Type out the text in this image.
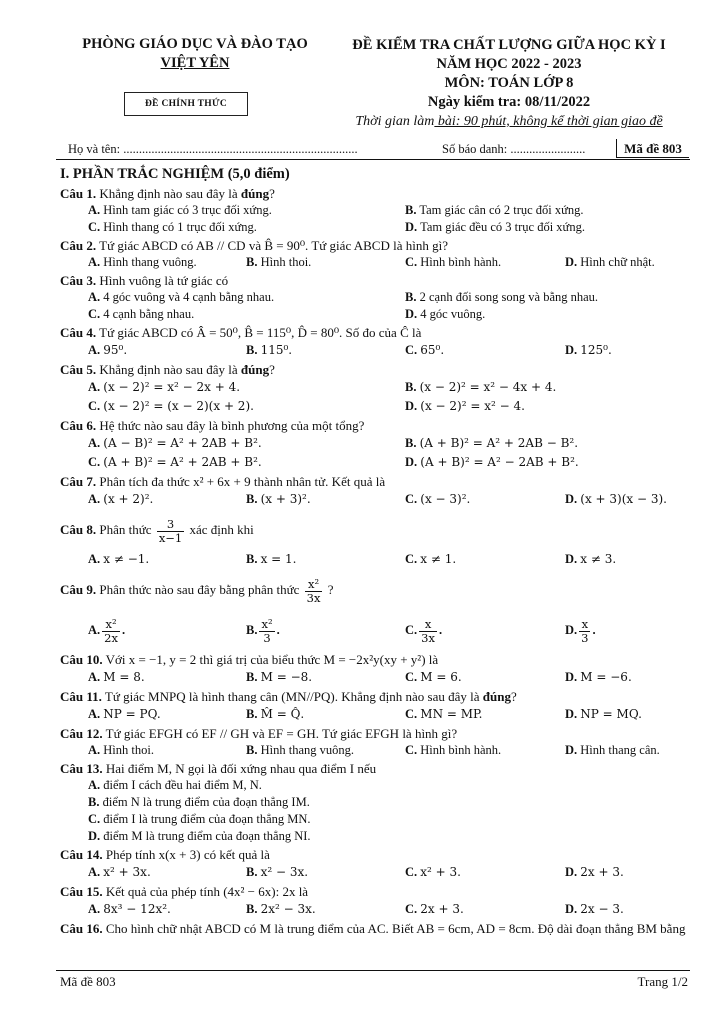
PHÒNG GIÁO DỤC VÀ ĐÀO TẠO
VIỆT YÊN
ĐỀ CHÍNH THỨC
ĐỀ KIỂM TRA CHẤT LƯỢNG GIỮA HỌC KỲ I
NĂM HỌC 2022 - 2023
MÔN: TOÁN LỚP 8
Ngày kiểm tra: 08/11/2022
Thời gian làm bài: 90 phút, không kể thời gian giao đề
Họ và tên: ...........................................................................	Số báo danh: ........................	Mã đề 803
I. PHẦN TRẮC NGHIỆM (5,0 điểm)
Câu 1. Khẳng định nào sau đây là đúng?
A. Hình tam giác có 3 trục đối xứng.	B. Tam giác cân có 2 trục đối xứng.
C. Hình thang có 1 trục đối xứng.	D. Tam giác đều có 3 trục đối xứng.
Câu 2. Tứ giác ABCD có AB // CD và B̂ = 90⁰. Tứ giác ABCD là hình gì?
A. Hình thang vuông.	B. Hình thoi.	C. Hình bình hành.	D. Hình chữ nhật.
Câu 3. Hình vuông là tứ giác có
A. 4 góc vuông và 4 cạnh bằng nhau.	B. 2 cạnh đối song song và bằng nhau.
C. 4 cạnh bằng nhau.	D. 4 góc vuông.
Câu 4. Tứ giác ABCD có Â = 50⁰, B̂ = 115⁰, D̂ = 80⁰. Số đo của Ĉ là
A. 95⁰.	B. 115⁰.	C. 65⁰.	D. 125⁰.
Câu 5. Khẳng định nào sau đây là đúng?
A. (x − 2)² = x² − 2x + 4.	B. (x − 2)² = x² − 4x + 4.
C. (x − 2)² = (x − 2)(x + 2).	D. (x − 2)² = x² − 4.
Câu 6. Hệ thức nào sau đây là bình phương của một tổng?
A. (A − B)² = A² + 2AB + B².	B. (A + B)² = A² + 2AB − B².
C. (A + B)² = A² + 2AB + B².	D. (A + B)² = A² − 2AB + B².
Câu 7. Phân tích đa thức x² + 6x + 9 thành nhân tử. Kết quả là
A. (x + 2)².	B. (x + 3)².	C. (x − 3)².	D. (x + 3)(x − 3).
Câu 8. Phân thức $\frac{3}{x-1}$ xác định khi
A. x ≠ −1.	B. x = 1.	C. x ≠ 1.	D. x ≠ 3.
Câu 9. Phân thức nào sau đây bằng phân thức $\frac{\text{x²}}{3x}$ ?
A. $\frac{\text{x²}}{2x}$ .	B. $\frac{\text{x²}}{3}$ .	C. $\frac{x}{3x}$ .	D. $\frac{x}{3}$ .
Câu 10. Với x = −1, y = 2 thì giá trị của biểu thức M = −2x²y(xy + y²) là
A. M = 8.	B. M = −8.	C. M = 6.	D. M = −6.
Câu 11. Tứ giác MNPQ là hình thang cân (MN//PQ). Khẳng định nào sau đây là đúng?
A. NP = PQ.	B. M̂ = Q̂.	C. MN = MP.	D. NP = MQ.
Câu 12. Tứ giác EFGH có EF // GH và EF = GH. Tứ giác EFGH là hình gì?
A. Hình thoi.	B. Hình thang vuông.	C. Hình bình hành.	D. Hình thang cân.
Câu 13. Hai điểm M, N gọi là đối xứng nhau qua điểm I nếu
A. điểm I cách đều hai điểm M, N.
B. điểm N là trung điểm của đoạn thẳng IM.
C. điểm I là trung điểm của đoạn thẳng MN.
D. điểm M là trung điểm của đoạn thẳng NI.
Câu 14. Phép tính x(x + 3) có kết quả là
A. x² + 3x.	B. x² − 3x.	C. x² + 3.	D. 2x + 3.
Câu 15. Kết quả của phép tính (4x² − 6x): 2x là
A. 8x³ − 12x².	B. 2x² − 3x.	C. 2x + 3.	D. 2x − 3.
Câu 16. Cho hình chữ nhật ABCD có M là trung điểm của AC. Biết AB = 6cm, AD = 8cm. Độ dài đoạn thẳng BM bằng
Mã đề 803	Trang 1/2
